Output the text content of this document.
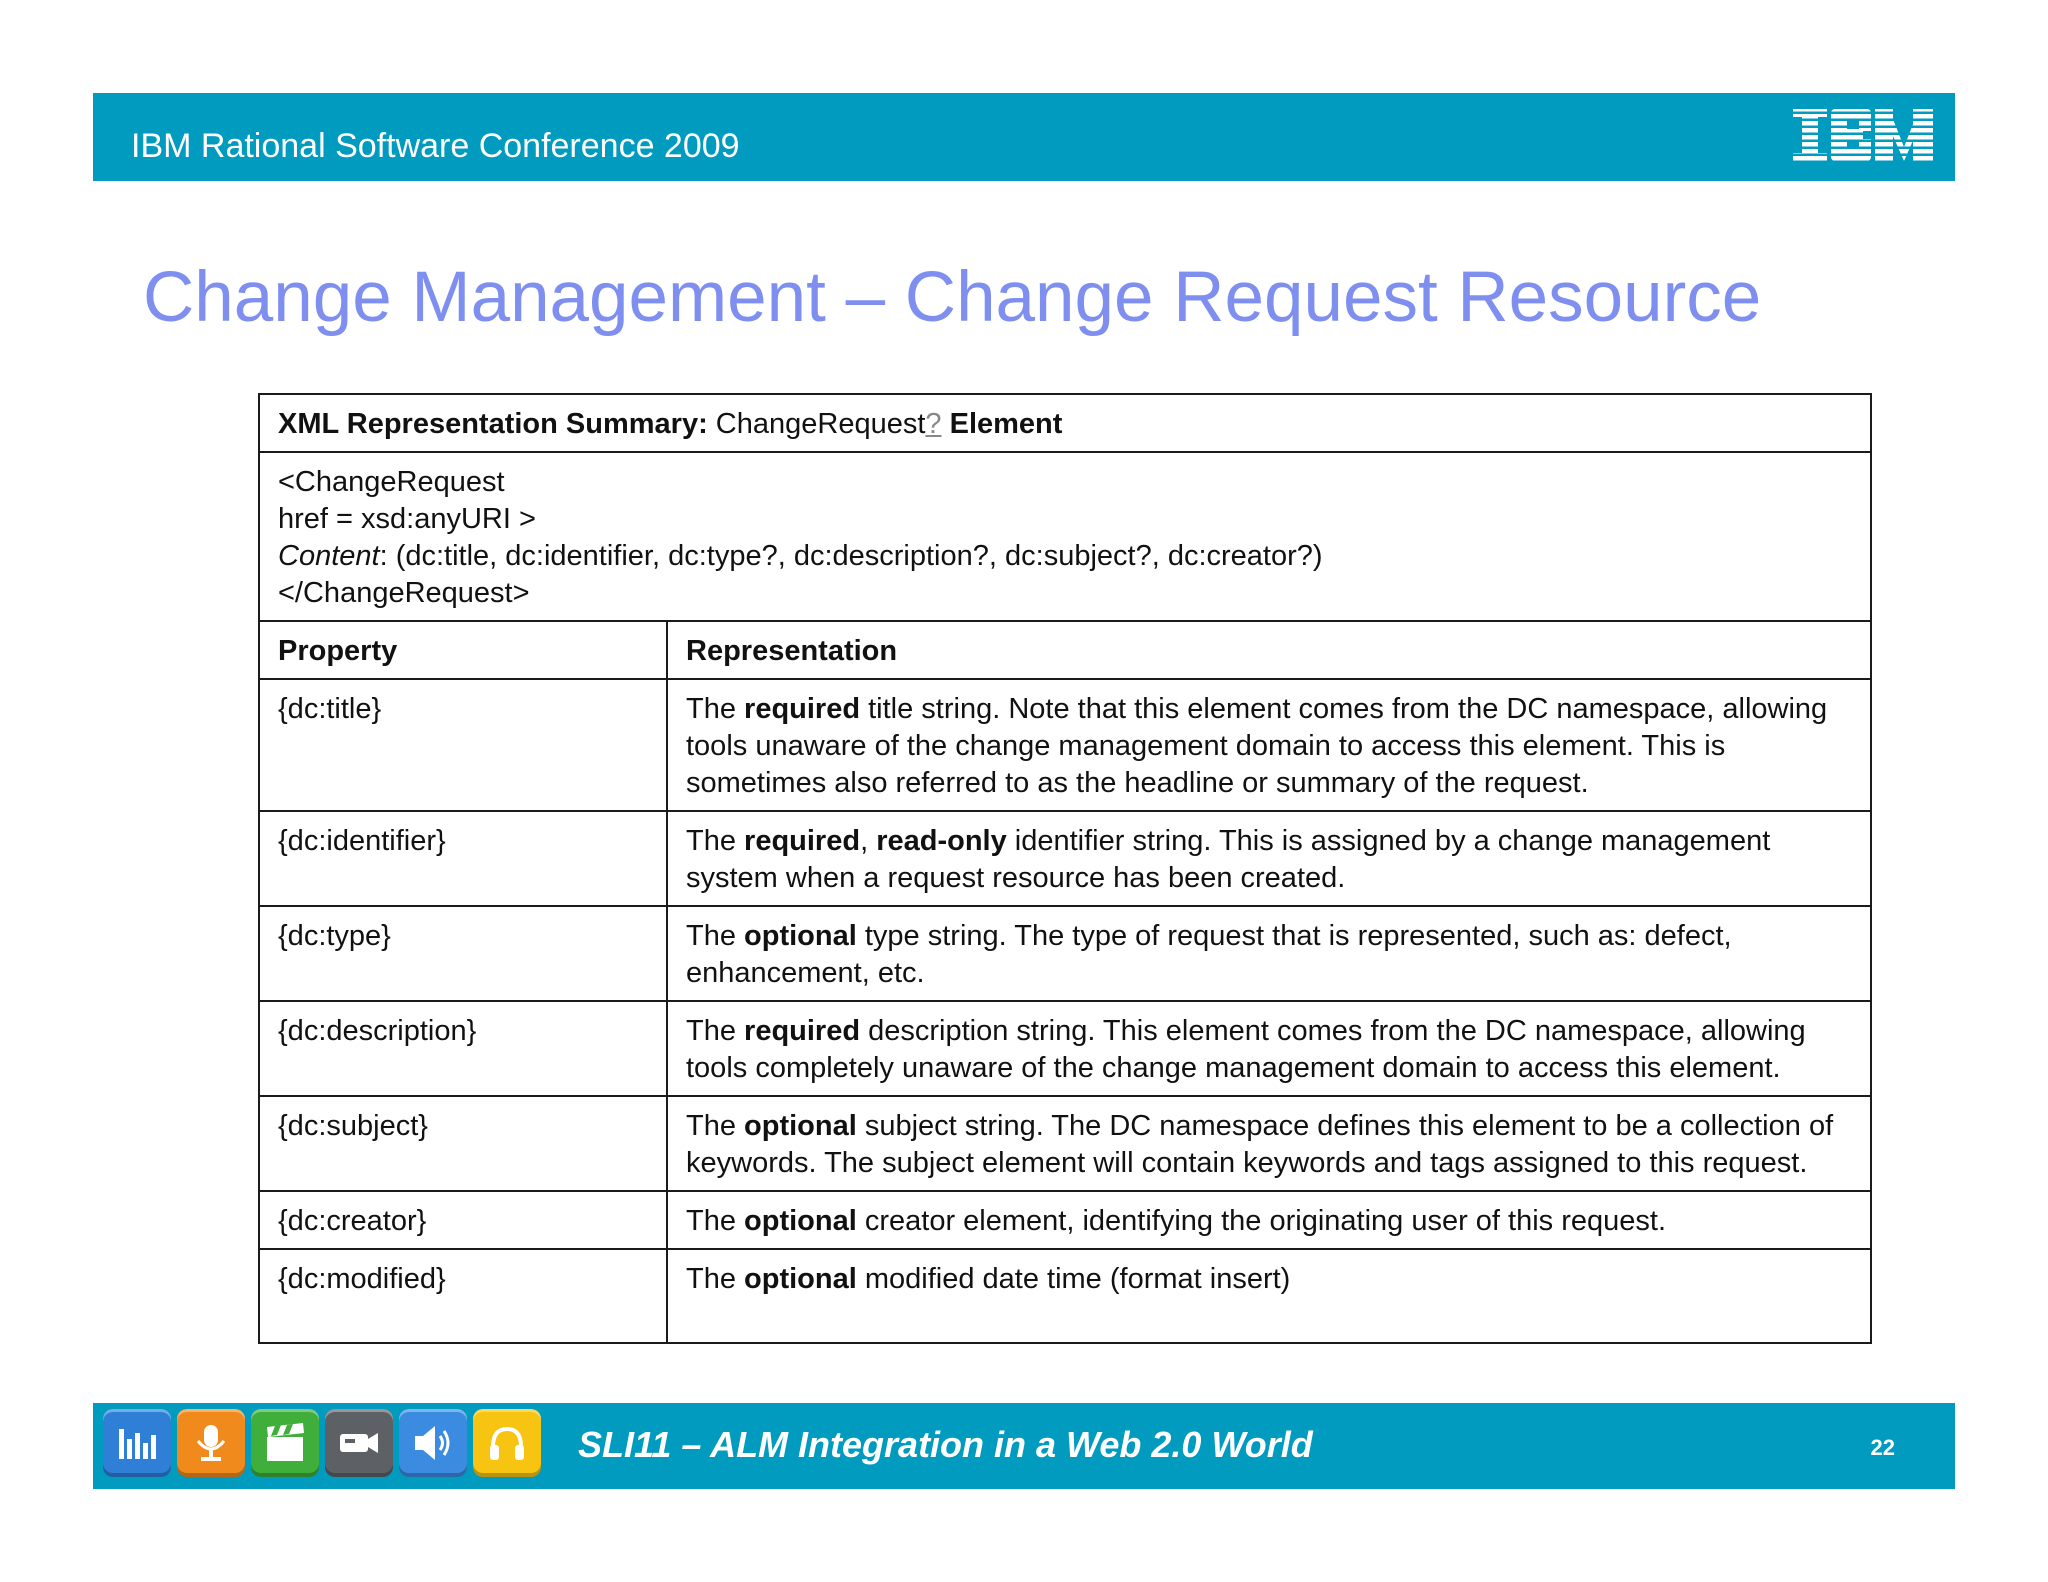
IBM Rational Software Conference 2009
Change Management – Change Request Resource
XML Representation Summary: ChangeRequest? Element	

<ChangeRequest
href = xsd:anyURI >
Content: (dc:title, dc:identifier, dc:type?, dc:description?, dc:subject?, dc:creator?)
</ChangeRequest>	

Property	Representation
{dc:title}	The required title string. Note that this element comes from the DC namespace, allowing tools unaware of the change management domain to access this element. This is sometimes also referred to as the headline or summary of the request.
{dc:identifier}	The required, read-only identifier string. This is assigned by a change management system when a request resource has been created.
{dc:type}	The optional type string. The type of request that is represented, such as: defect, enhancement, etc.
{dc:description}	The required description string. This element comes from the DC namespace, allowing tools completely unaware of the change management domain to access this element.
{dc:subject}	The optional subject string. The DC namespace defines this element to be a collection of keywords. The subject element will contain keywords and tags assigned to this request.
{dc:creator}	The optional creator element, identifying the originating user of this request.
{dc:modified}	The optional modified date time (format insert)
SLI11 – ALM Integration in a Web 2.0 World	22
